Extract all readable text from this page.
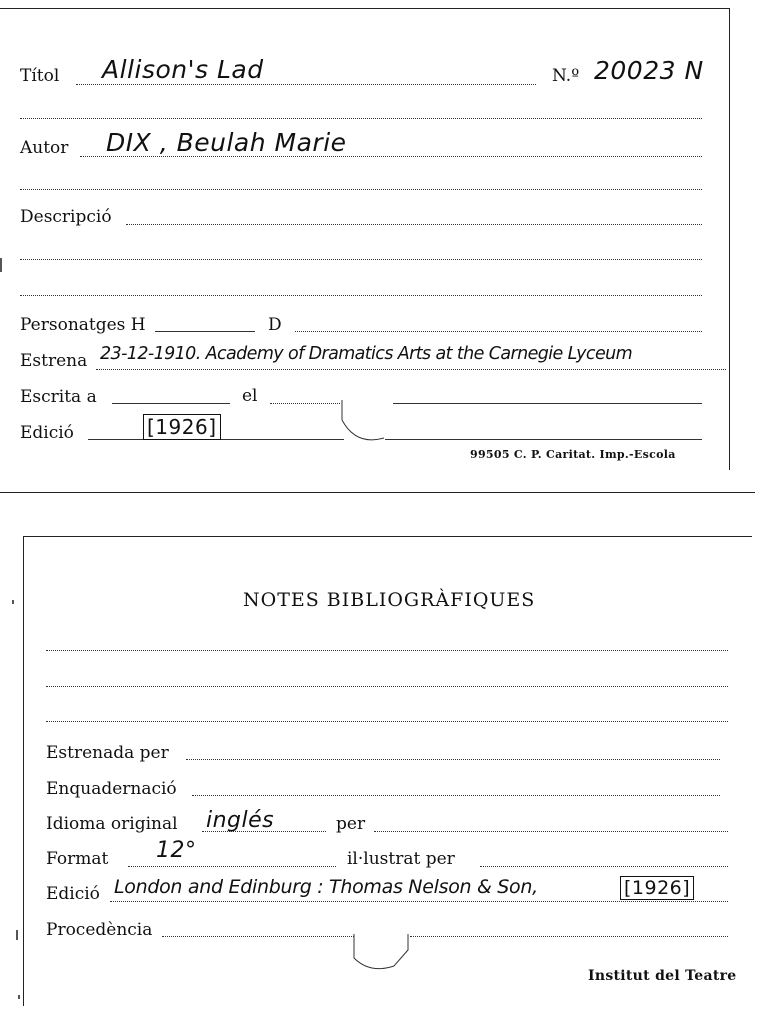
Títol Allison's Lad	N.º 20023 N
Autor DIX , Beulah Marie
Descripció
Personatges H	D
Estrena 23-12-1910. Academy of Dramatics Arts at the Carnegie Lyceum
Escrita a	el
Edició	[1926]
99505 C. P. Caritat. Imp.-Escola
NOTES BIBLIOGRÀFIQUES
Estrenada per
Enquadernació
Idioma original inglés	per
Format 12°	il·lustrat per
Edició London and Edinburg : Thomas Nelson & Son,	[1926]
Procedència
Institut del Teatre
